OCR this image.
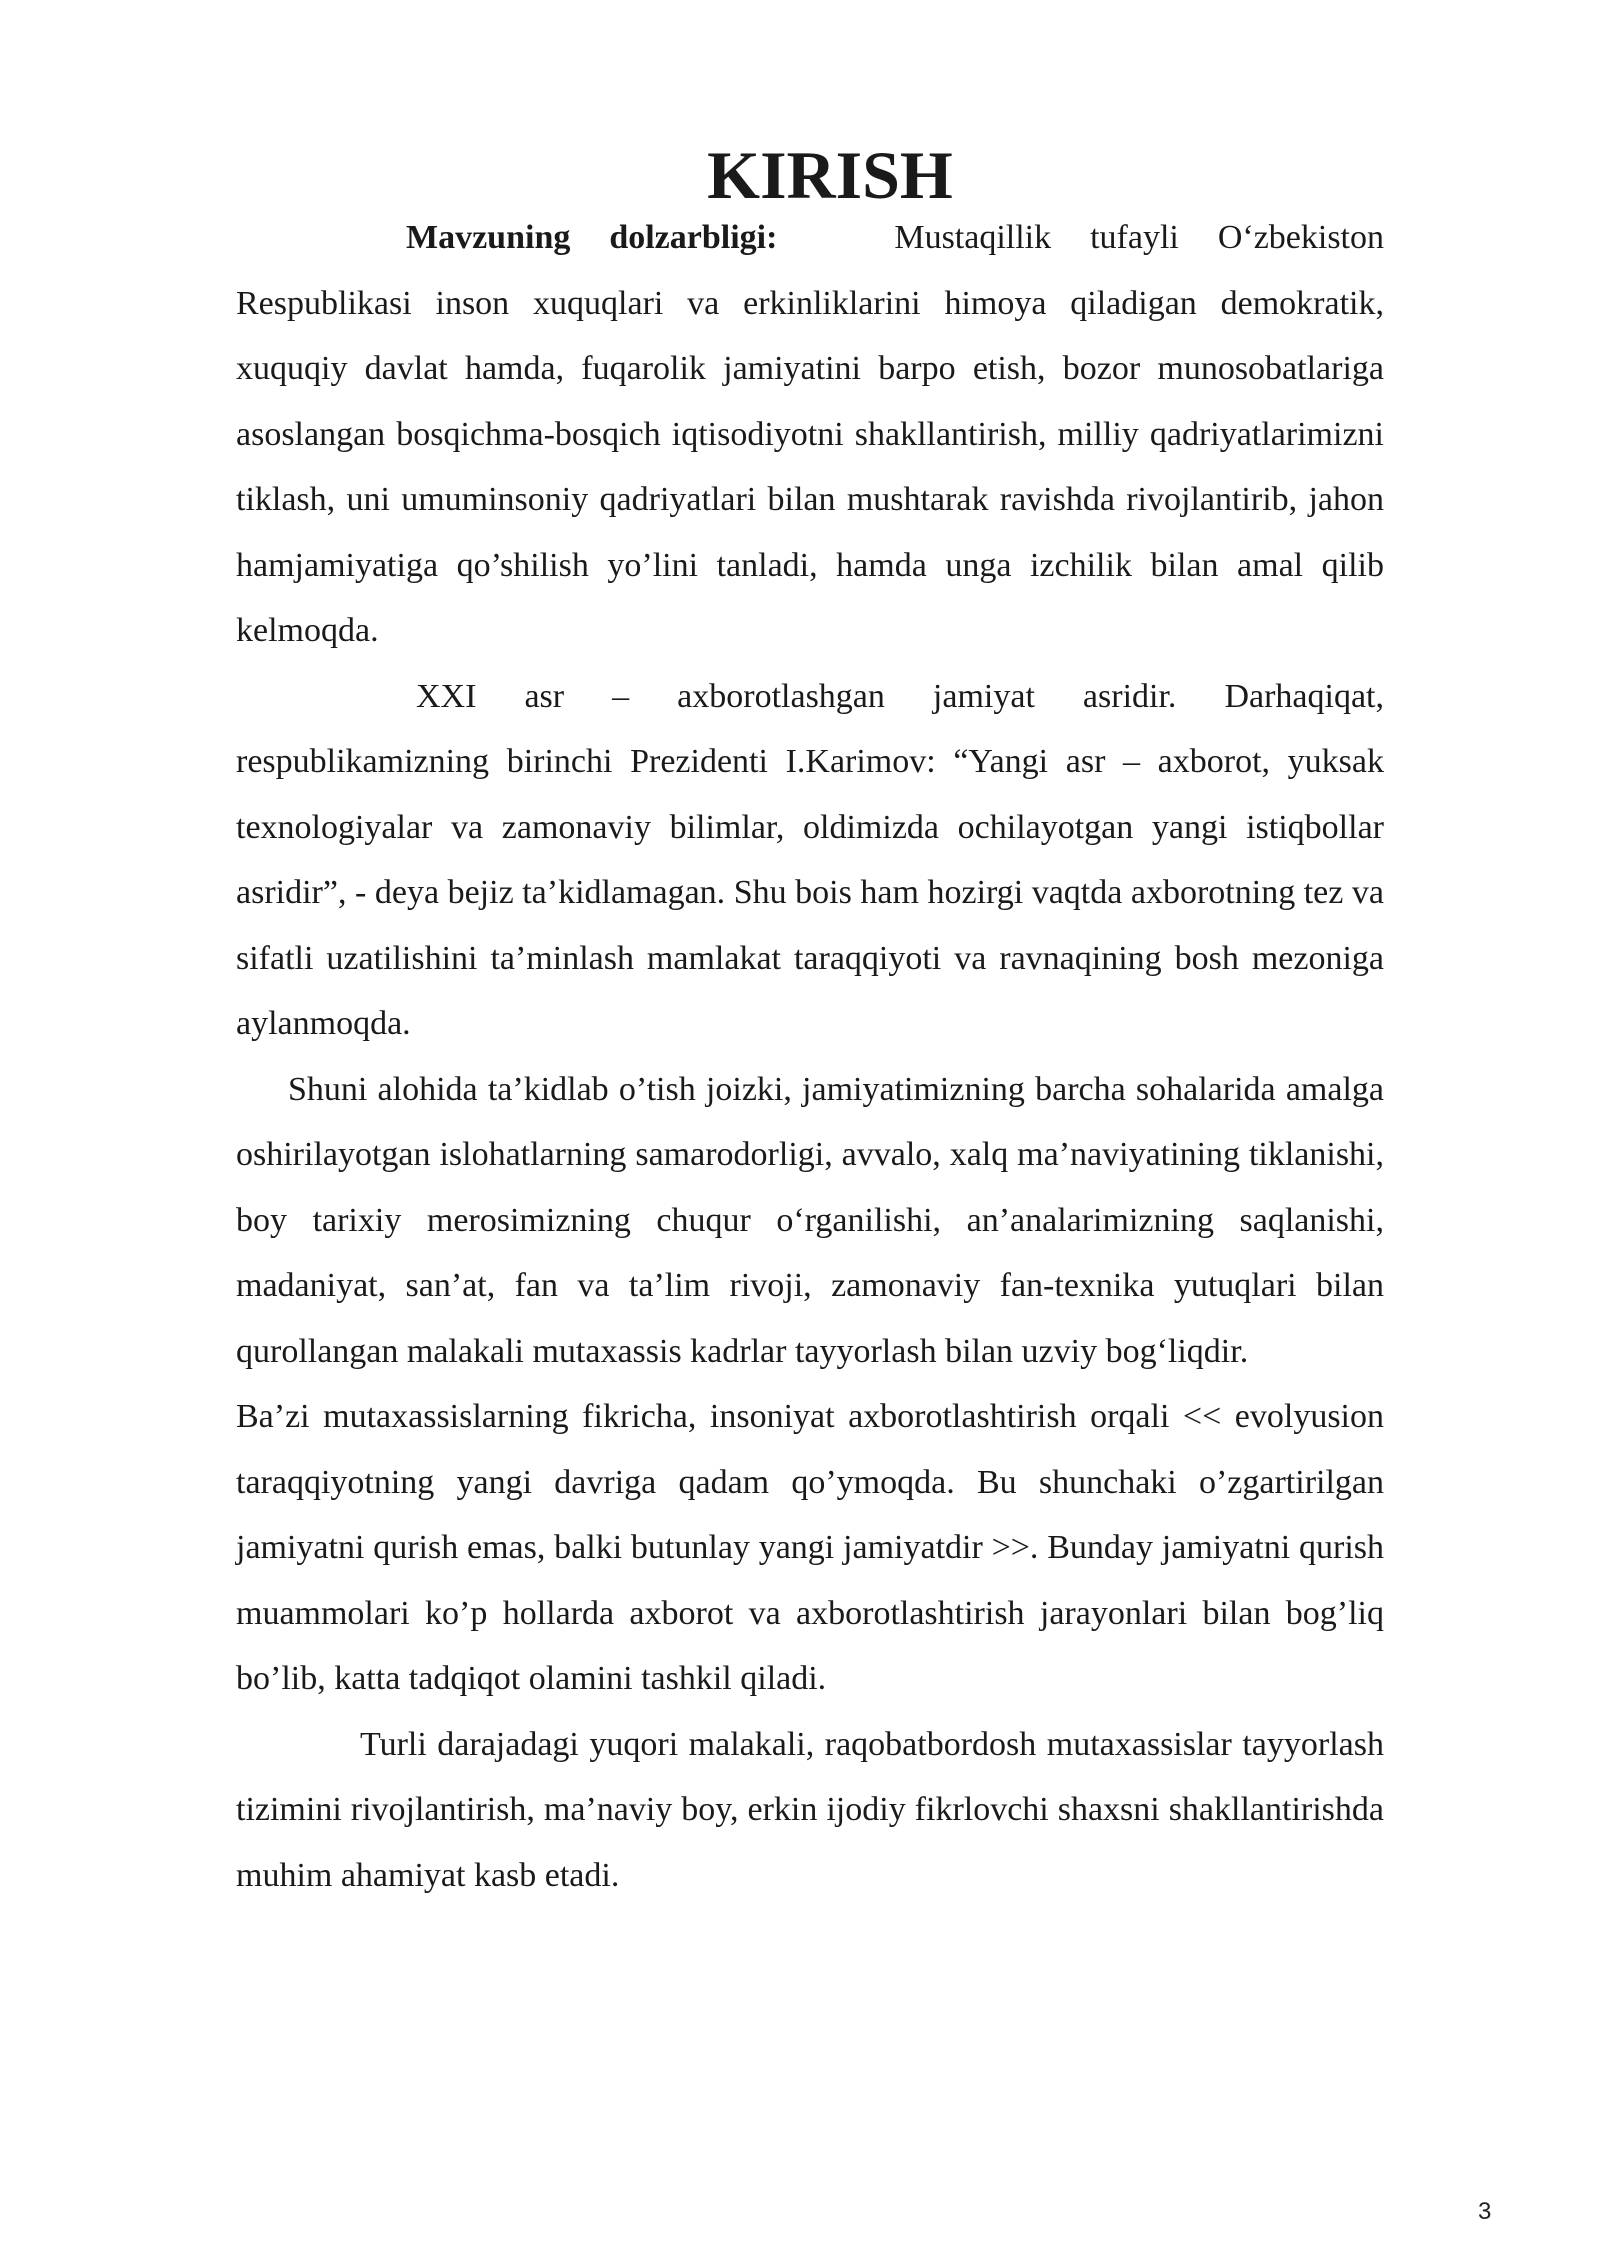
KIRISH

Mavzuning dolzarbligi:	Mustaqillik tufayli O‘zbekiston Respublikasi inson xuquqlari va erkinliklarini himoya qiladigan demokratik, xuquqiy davlat hamda, fuqarolik jamiyatini barpo etish, bozor munosobatlariga asoslangan bosqichma-bosqich iqtisodiyotni shakllantirish, milliy qadriyatlarimizni tiklash, uni umuminsoniy qadriyatlari bilan mushtarak ravishda rivojlantirib, jahon hamjamiyatiga qo’shilish yo’lini tanladi, hamda unga izchilik bilan amal qilib kelmoqda.

XXI asr – axborotlashgan jamiyat asridir. Darhaqiqat, respublikamizning birinchi Prezidenti I.Karimov: “Yangi asr – axborot, yuksak texnologiyalar va zamonaviy bilimlar, oldimizda ochilayotgan yangi istiqbollar asridir”, - deya bejiz ta’kidlamagan. Shu bois ham hozirgi vaqtda axborotning tez va sifatli uzatilishini ta’minlash mamlakat taraqqiyoti va ravnaqining bosh mezoniga aylanmoqda.

Shuni alohida ta’kidlab o’tish joizki, jamiyatimizning barcha sohalarida amalga oshirilayotgan islohatlarning samarodorligi, avvalo, xalq ma’naviyatining tiklanishi, boy tarixiy merosimizning chuqur o‘rganilishi, an’analarimizning saqlanishi, madaniyat, san’at, fan va ta’lim rivoji, zamonaviy fan-texnika yutuqlari bilan qurollangan malakali mutaxassis kadrlar tayyorlash bilan uzviy bog‘liqdir.

Ba’zi mutaxassislarning fikricha, insoniyat axborotlashtirish orqali << evolyusion taraqqiyotning yangi davriga qadam qo’ymoqda. Bu shunchaki o’zgartirilgan jamiyatni qurish emas, balki butunlay yangi jamiyatdir >>. Bunday jamiyatni qurish muammolari ko’p hollarda axborot va axborotlashtirish jarayonlari bilan bog’liq bo’lib, katta tadqiqot olamini tashkil qiladi.

Turli darajadagi yuqori malakali, raqobatbordosh mutaxassislar tayyorlash tizimini rivojlantirish, ma’naviy boy, erkin ijodiy fikrlovchi shaxsni shakllantirishda muhim ahamiyat kasb etadi.

3
